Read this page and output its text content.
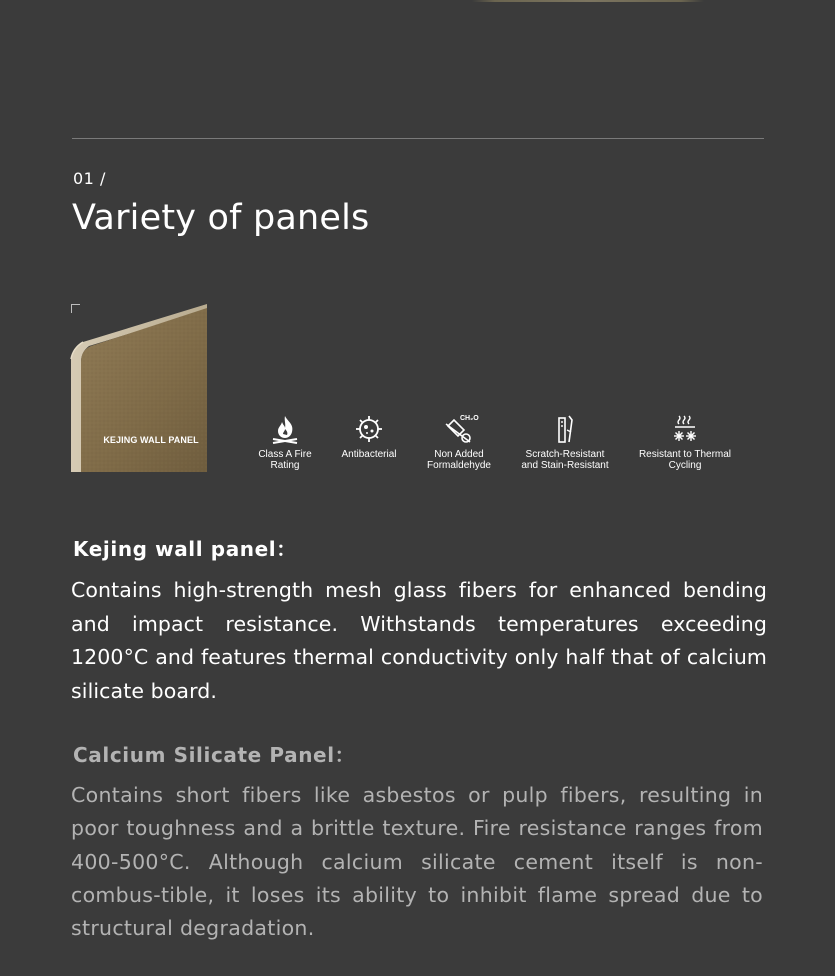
01 /
Variety of panels
KEJING WALL PANEL
Class A Fire
Rating
Antibacterial
CH₂O
Non Added
Formaldehyde
Scratch-Resistant
and Stain-Resistant
Resistant to Thermal
Cycling
Kejing wall panel：

Contains high-strength mesh glass fibers for enhanced bending and impact resistance. Withstands temperatures exceeding 1200°C and features thermal conductivity only half that of calcium silicate board.

Calcium Silicate Panel：

Contains short fibers like asbestos or pulp fibers, resulting in poor toughness and a brittle texture. Fire resistance ranges from 400-500°C. Although calcium silicate cement itself is non-combus-tible, it loses its ability to inhibit flame spread due to structural degradation.
